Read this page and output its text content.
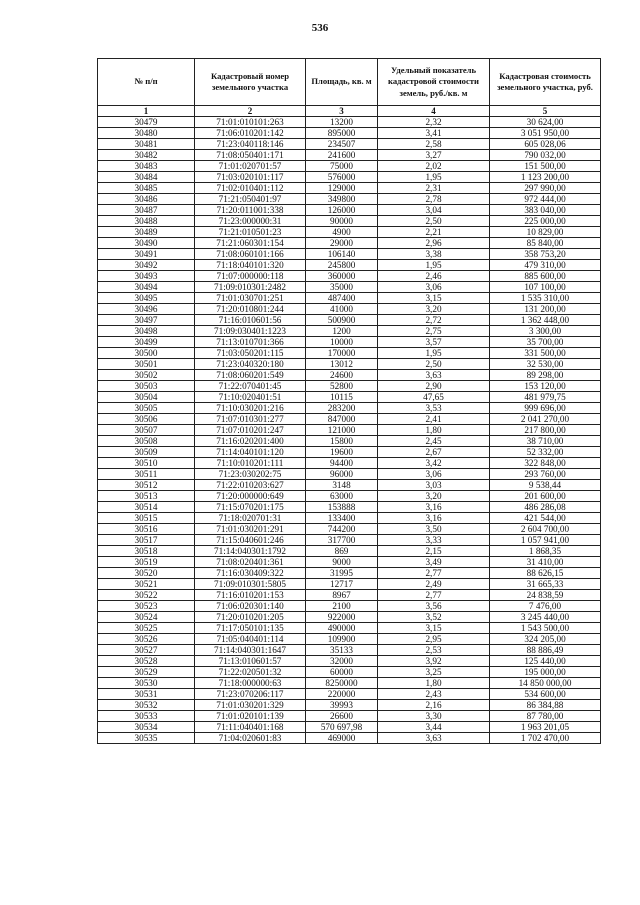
536
№ п/п	Кадастровый номер земельного участка	Площадь, кв. м	Удельный показатель кадастровой стоимости земель, руб./кв. м	Кадастровая стоимость земельного участка, руб.
1	2	3	4	5
30479	71:01:010101:263	13200	2,32	30 624,00
30480	71:06:010201:142	895000	3,41	3 051 950,00
30481	71:23:040118:146	234507	2,58	605 028,06
30482	71:08:050401:171	241600	3,27	790 032,00
30483	71:01:020701:57	75000	2,02	151 500,00
30484	71:03:020101:117	576000	1,95	1 123 200,00
30485	71:02:010401:112	129000	2,31	297 990,00
30486	71:21:050401:97	349800	2,78	972 444,00
30487	71:20:011001:338	126000	3,04	383 040,00
30488	71:23:000000:31	90000	2,50	225 000,00
30489	71:21:010501:23	4900	2,21	10 829,00
30490	71:21:060301:154	29000	2,96	85 840,00
30491	71:08:060101:166	106140	3,38	358 753,20
30492	71:18:040101:320	245800	1,95	479 310,00
30493	71:07:000000:118	360000	2,46	885 600,00
30494	71:09:010301:2482	35000	3,06	107 100,00
30495	71:01:030701:251	487400	3,15	1 535 310,00
30496	71:20:010801:244	41000	3,20	131 200,00
30497	71:16:010601:56	500900	2,72	1 362 448,00
30498	71:09:030401:1223	1200	2,75	3 300,00
30499	71:13:010701:366	10000	3,57	35 700,00
30500	71:03:050201:115	170000	1,95	331 500,00
30501	71:23:040320:180	13012	2,50	32 530,00
30502	71:08:060201:549	24600	3,63	89 298,00
30503	71:22:070401:45	52800	2,90	153 120,00
30504	71:10:020401:51	10115	47,65	481 979,75
30505	71:10:030201:216	283200	3,53	999 696,00
30506	71:07:010301:277	847000	2,41	2 041 270,00
30507	71:07:010201:247	121000	1,80	217 800,00
30508	71:16:020201:400	15800	2,45	38 710,00
30509	71:14:040101:120	19600	2,67	52 332,00
30510	71:10:010201:111	94400	3,42	322 848,00
30511	71:23:030202:75	96000	3,06	293 760,00
30512	71:22:010203:627	3148	3,03	9 538,44
30513	71:20:000000:649	63000	3,20	201 600,00
30514	71:15:070201:175	153888	3,16	486 286,08
30515	71:18:020701:31	133400	3,16	421 544,00
30516	71:01:030201:291	744200	3,50	2 604 700,00
30517	71:15:040601:246	317700	3,33	1 057 941,00
30518	71:14:040301:1792	869	2,15	1 868,35
30519	71:08:020401:361	9000	3,49	31 410,00
30520	71:16:030409:322	31995	2,77	88 626,15
30521	71:09:010301:5805	12717	2,49	31 665,33
30522	71:16:010201:153	8967	2,77	24 838,59
30523	71:06:020301:140	2100	3,56	7 476,00
30524	71:20:010201:205	922000	3,52	3 245 440,00
30525	71:17:050101:135	490000	3,15	1 543 500,00
30526	71:05:040401:114	109900	2,95	324 205,00
30527	71:14:040301:1647	35133	2,53	88 886,49
30528	71:13:010601:57	32000	3,92	125 440,00
30529	71:22:020501:32	60000	3,25	195 000,00
30530	71:18:000000:63	8250000	1,80	14 850 000,00
30531	71:23:070206:117	220000	2,43	534 600,00
30532	71:01:030201:329	39993	2,16	86 384,88
30533	71:01:020101:139	26600	3,30	87 780,00
30534	71:11:040401:168	570 697,98	3,44	1 963 201,05
30535	71:04:020601:83	469000	3,63	1 702 470,00
